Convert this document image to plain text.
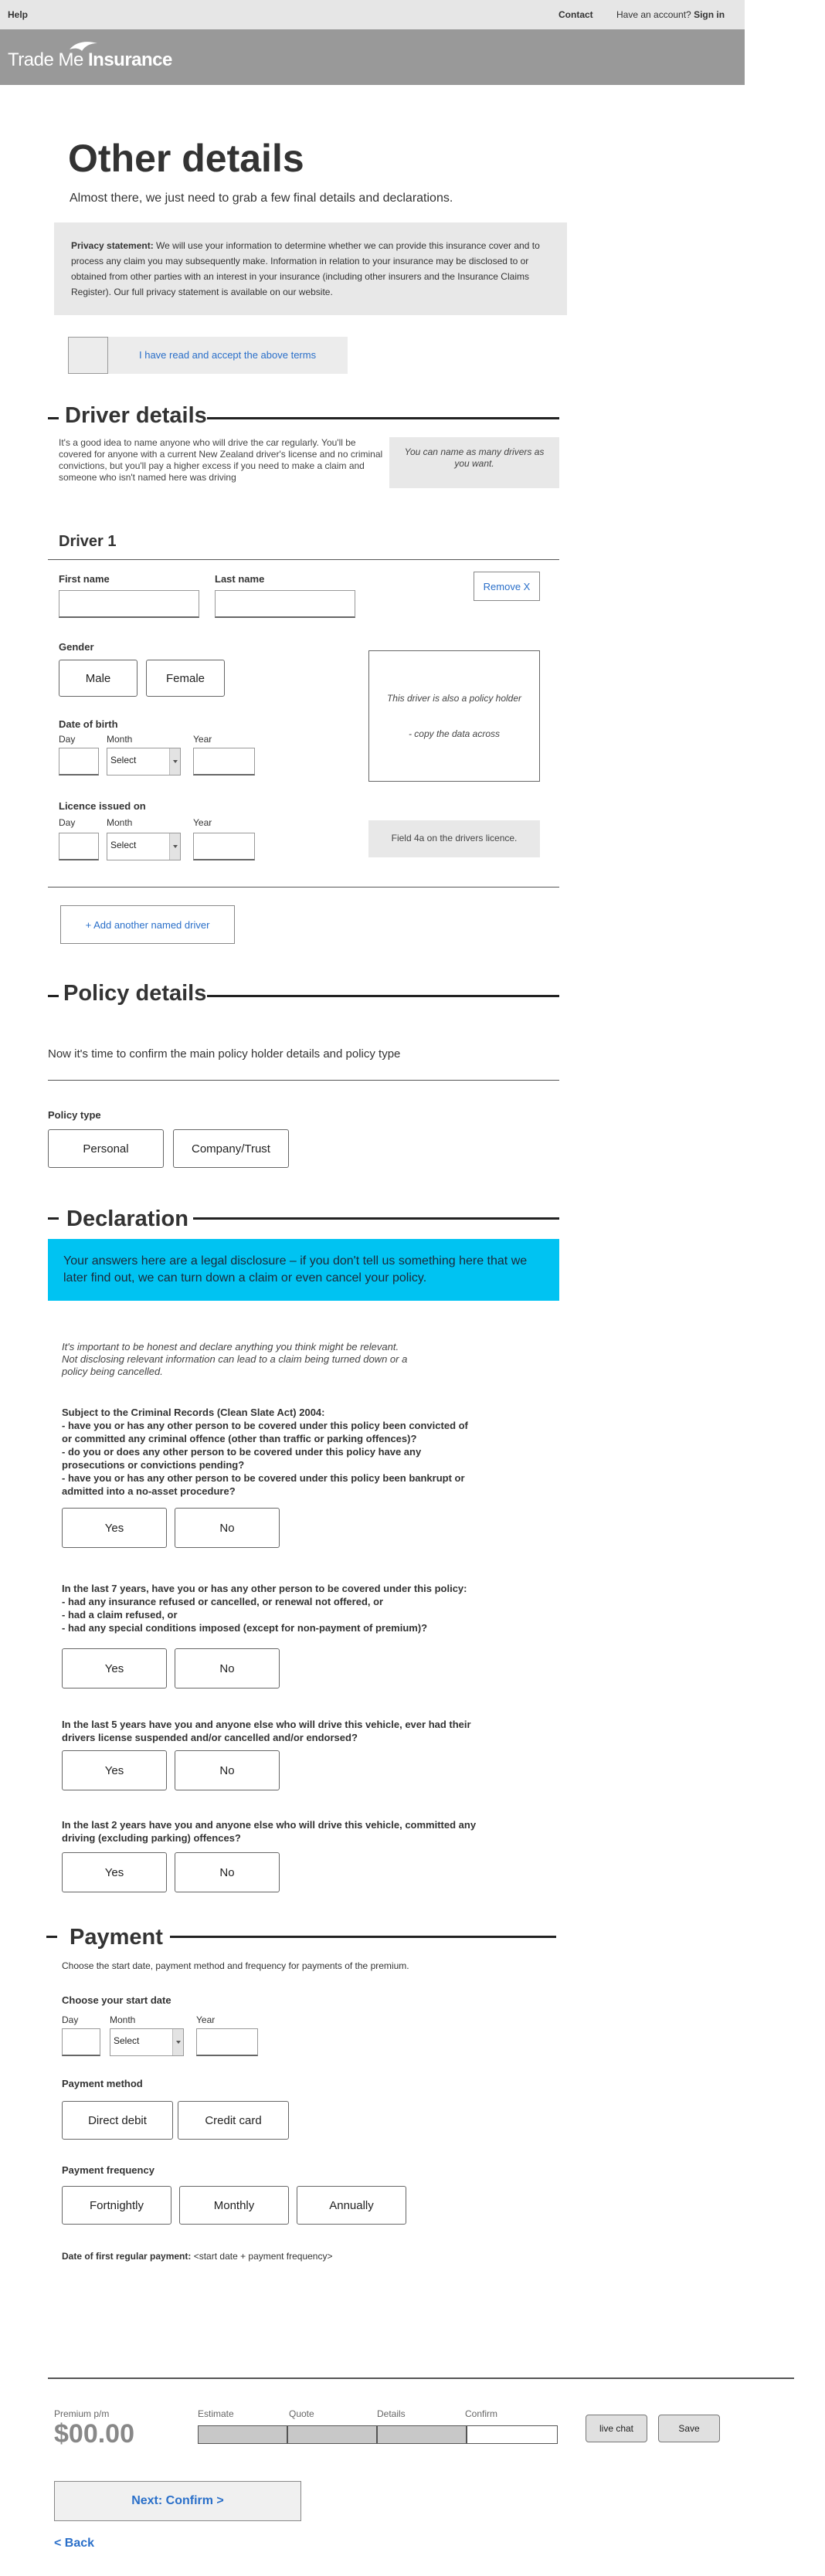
Help	Contact	Have an account? Sign in
Trade Me Insurance
Other details
Almost there, we just need to grab a few final details and declarations.
Privacy statement: We will use your information to determine whether we can provide this insurance cover and to process any claim you may subsequently make. Information in relation to your insurance may be disclosed to or obtained from other parties with an interest in your insurance (including other insurers and the Insurance Claims Register). Our full privacy statement is available on our website.
I have read and accept the above terms
Driver details
It's a good idea to name anyone who will drive the car regularly. You'll be covered for anyone with a current New Zealand driver's license and no criminal convictions, but you'll pay a higher excess if you need to make a claim and someone who isn't named here was driving
You can name as many drivers as you want.
Driver 1
First name	Last name
Remove X
Gender
Male	Female
This driver is also a policy holder
- copy the data across
Date of birth
Day	Month	Year
Select
Licence issued on
Day	Month	Year
Select
Field 4a on the drivers licence.
+ Add another named driver
Policy details
Now it's time to confirm the main policy holder details and policy type
Policy type
Personal	Company/Trust
Declaration
Your answers here are a legal disclosure – if you don't tell us something here that we later find out, we can turn down a claim or even cancel your policy.
It's important to be honest and declare anything you think might be relevant.
Not disclosing relevant information can lead to a claim being turned down or a
policy being cancelled.
Subject to the Criminal Records (Clean Slate Act) 2004:
- have you or has any other person to be covered under this policy been convicted of
or committed any criminal offence (other than traffic or parking offences)?
- do you or does any other person to be covered under this policy have any
prosecutions or convictions pending?
- have you or has any other person to be covered under this policy been bankrupt or
admitted into a no-asset procedure?
Yes	No
In the last 7 years, have you or has any other person to be covered under this policy:
- had any insurance refused or cancelled, or renewal not offered, or
- had a claim refused, or
- had any special conditions imposed (except for non-payment of premium)?
Yes	No
In the last 5 years have you and anyone else who will drive this vehicle, ever had their
drivers license suspended and/or cancelled and/or endorsed?
Yes	No
In the last 2 years have you and anyone else who will drive this vehicle, committed any
driving (excluding parking) offences?
Yes	No
Payment
Choose the start date, payment method and frequency for payments of the premium.
Choose your start date
Day	Month	Year
Select
Payment method
Direct debit	Credit card
Payment frequency
Fortnightly	Monthly	Annually
Date of first regular payment: <start date + payment frequency>
Premium p/m
$00.00
Estimate	Quote	Details	Confirm
live chat	Save
Next: Confirm >
< Back
